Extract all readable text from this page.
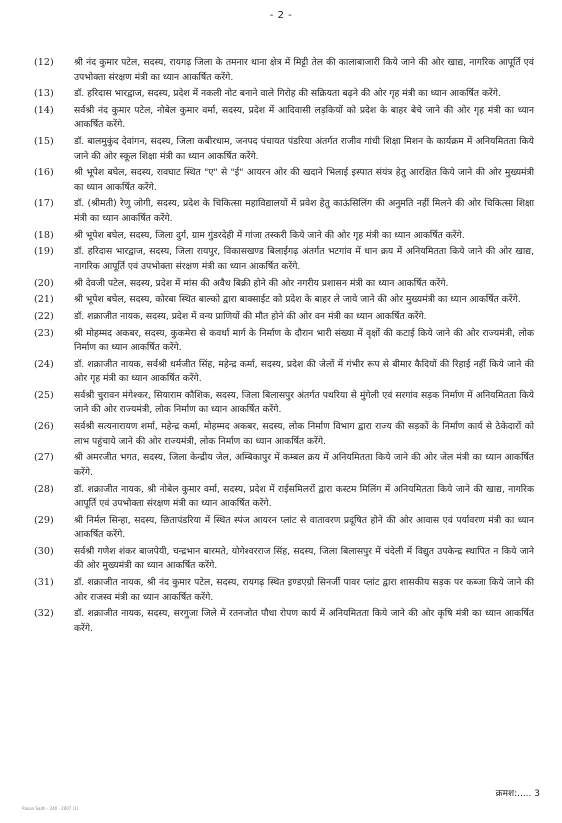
- 2 -
(12)	श्री नंद कुमार पटेल, सदस्य, रायगढ़ जिला के तमनार थाना क्षेत्र में मिट्टी तेल की कालाबाजारी किये जाने की ओर खाद्य, नागरिक आपूर्ति एवं उपभोक्ता संरक्षण मंत्री का ध्यान आकर्षित करेंगे.
(13)	डॉ. हरिदास भारद्वाज, सदस्य, प्रदेश में नकली नोट बनाने वाले गिरोह की सक्रियता बढ़ने की ओर गृह मंत्री का ध्यान आकर्षित करेंगे.
(14)	सर्वश्री नंद कुमार पटेल, नोबेल कुमार वर्मा, सदस्य, प्रदेश में आदिवासी लड़कियों को प्रदेश के बाहर बेचे जाने की ओर गृह मंत्री का ध्यान आकर्षित करेंगे.
(15)	डॉ. बालमुकुंद देवांगन, सदस्य, जिला कबीरधाम, जनपद पंचायत पंडरिया अंतर्गत राजीव गांधी शिक्षा मिशन के कार्यक्रम में अनियमितता किये जाने की ओर स्कूल शिक्षा मंत्री का ध्यान आकर्षित करेंगे.
(16)	श्री भूपेश बघेल, सदस्य, रावघाट स्थित "ए" से "ई" आयरन ओर की खदाने भिलाई इस्पात संयंत्र हेतु आरक्षित किये जाने की ओर मुख्यमंत्री का ध्यान आकर्षित करेंगे.
(17)	डॉ. (श्रीमती) रेणु जोगी, सदस्य, प्रदेश के चिकित्सा महाविद्यालयों में प्रवेश हेतु काऊंसिलिंग की अनुमति नहीं मिलने की ओर चिकित्सा शिक्षा मंत्री का ध्यान आकर्षित करेंगे.
(18)	श्री भूपेश बघेल, सदस्य, जिला दुर्ग, ग्राम गुंडरदेही में गांजा तस्करी किये जाने की ओर गृह मंत्री का ध्यान आकर्षित करेंगे.
(19)	डॉ. हरिदास भारद्वाज, सदस्य, जिला रायपुर, विकासखण्ड बिलाईगढ़ अंतर्गत भटगांव में धान क्रय में अनियमितता किये जाने की ओर खाद्य, नागरिक आपूर्ति एवं उपभोक्ता संरक्षण मंत्री का ध्यान आकर्षित करेंगे.
(20)	श्री देवजी पटेल, सदस्य, प्रदेश में मांस की अवैध बिक्री होने की ओर नगरीय प्रशासन मंत्री का ध्यान आकर्षित करेंगे.
(21)	श्री भूपेश बघेल, सदस्य, कोरबा स्थित बाल्को द्वारा बाक्साईट को प्रदेश के बाहर ले जाये जाने की ओर मुख्यमंत्री का ध्यान आकर्षित करेंगे.
(22)	डॉ. शक्राजीत नायक, सदस्य, प्रदेश में वन्य प्राणियों की मौत होने की ओर वन मंत्री का ध्यान आकर्षित करेंगे.
(23)	श्री मोहम्मद अकबर, सदस्य, कुकमेरा से कवर्धा मार्ग के निर्माण के दौरान भारी संख्या में वृक्षों की कटाई किये जाने की ओर राज्यमंत्री, लोक निर्माण का ध्यान आकर्षित करेंगे.
(24)	डॉ. शक्राजीत नायक, सर्वश्री धर्मजीत सिंह, महेन्द्र कर्मा, सदस्य, प्रदेश की जेलों में गंभीर रूप से बीमार कैदियों की रिहाई नहीं किये जाने की ओर गृह मंत्री का ध्यान आकर्षित करेंगे.
(25)	सर्वश्री चुरावन मंगेश्कर, सियाराम कौशिक, सदस्य, जिला बिलासपुर अंतर्गत पथरिया से मुंगेली एवं सरगांव सड़क निर्माण में अनियमितता किये जाने की ओर राज्यमंत्री, लोक निर्माण का ध्यान आकर्षित करेंगे.
(26)	सर्वश्री सत्यनारायण शर्मा, महेन्द्र कर्मा, मोहम्मद अकबर, सदस्य, लोक निर्माण विभाग द्वारा राज्य की सड़कों के निर्माण कार्य से ठेकेदारों को लाभ पहुंचाये जाने की ओर राज्यमंत्री, लोक निर्माण का ध्यान आकर्षित करेंगे.
(27)	श्री अमरजीत भगत, सदस्य, जिला केन्द्रीय जेल, अम्बिकापुर में कम्बल क्रय में अनियमितता किये जाने की ओर जेल मंत्री का ध्यान आकर्षित करेंगे.
(28)	डॉ. शक्राजीत नायक, श्री नोबेल कुमार वर्मा, सदस्य, प्रदेश में राईसमिलरों द्वारा कस्टम मिलिंग में अनियमितता किये जाने की खाद्य, नागरिक आपूर्ति एवं उपभोक्ता संरक्षण मंत्री का ध्यान आकर्षित करेंगे.
(29)	श्री निर्मल सिन्हा, सदस्य, छितापंडरिया में स्थित स्पंज आयरन प्लांट से वातावरण प्रदूषित होने की ओर आवास एवं पर्यावरण मंत्री का ध्यान आकर्षित करेंगे.
(30)	सर्वश्री गणेश शंकर बाजपेयी, चन्द्रभान बारमते, योगेश्वरराज सिंह, सदस्य, जिला बिलासपुर में चंदेली में विद्युत उपकेन्द्र स्थापित न किये जाने की ओर मुख्यमंत्री का ध्यान आकर्षित करेंगे.
(31)	डॉ. शक्राजीत नायक, श्री नंद कुमार पटेल, सदस्य, रायगढ़ स्थित इण्डएग्रो सिनर्जी पावर प्लांट द्वारा शासकीय सड़क पर कब्जा किये जाने की ओर राजस्व मंत्री का ध्यान आकर्षित करेंगे.
(32)	डॉ. शक्राजीत नायक, सदस्य, सरगुजा जिले में रतनजोत पौधा रोपण कार्य में अनियमितता किये जाने की ओर कृषि मंत्री का ध्यान आकर्षित करेंगे.
क्रमश:..... 3
Rasan Sadh - 240 - 2007 (1)
